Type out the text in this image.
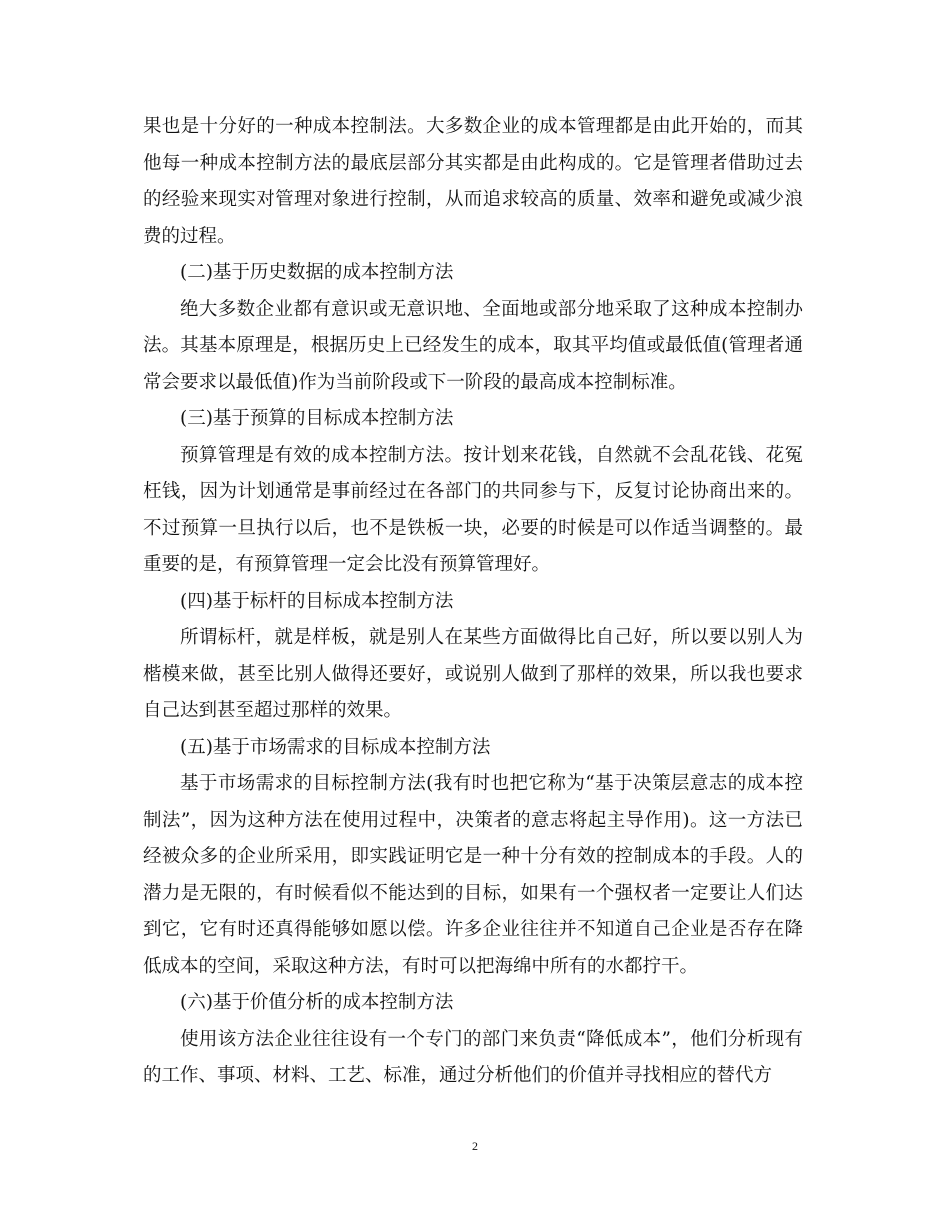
果也是十分好的一种成本控制法。大多数企业的成本管理都是由此开始的，而其他每一种成本控制方法的最底层部分其实都是由此构成的。它是管理者借助过去的经验来现实对管理对象进行控制，从而追求较高的质量、效率和避免或减少浪费的过程。

(二)基于历史数据的成本控制方法

绝大多数企业都有意识或无意识地、全面地或部分地采取了这种成本控制办法。其基本原理是，根据历史上已经发生的成本，取其平均值或最低值(管理者通常会要求以最低值)作为当前阶段或下一阶段的最高成本控制标准。

(三)基于预算的目标成本控制方法

预算管理是有效的成本控制方法。按计划来花钱，自然就不会乱花钱、花冤枉钱，因为计划通常是事前经过在各部门的共同参与下，反复讨论协商出来的。不过预算一旦执行以后，也不是铁板一块，必要的时候是可以作适当调整的。最重要的是，有预算管理一定会比没有预算管理好。

(四)基于标杆的目标成本控制方法

所谓标杆，就是样板，就是别人在某些方面做得比自己好，所以要以别人为楷模来做，甚至比别人做得还要好，或说别人做到了那样的效果，所以我也要求自己达到甚至超过那样的效果。

(五)基于市场需求的目标成本控制方法

基于市场需求的目标控制方法(我有时也把它称为“基于决策层意志的成本控制法”，因为这种方法在使用过程中，决策者的意志将起主导作用)。这一方法已经被众多的企业所采用，即实践证明它是一种十分有效的控制成本的手段。人的潜力是无限的，有时候看似不能达到的目标，如果有一个强权者一定要让人们达到它，它有时还真得能够如愿以偿。许多企业往往并不知道自己企业是否存在降低成本的空间，采取这种方法，有时可以把海绵中所有的水都拧干。

(六)基于价值分析的成本控制方法

使用该方法企业往往设有一个专门的部门来负责“降低成本”，他们分析现有的工作、事项、材料、工艺、标准，通过分析他们的价值并寻找相应的替代方

2
